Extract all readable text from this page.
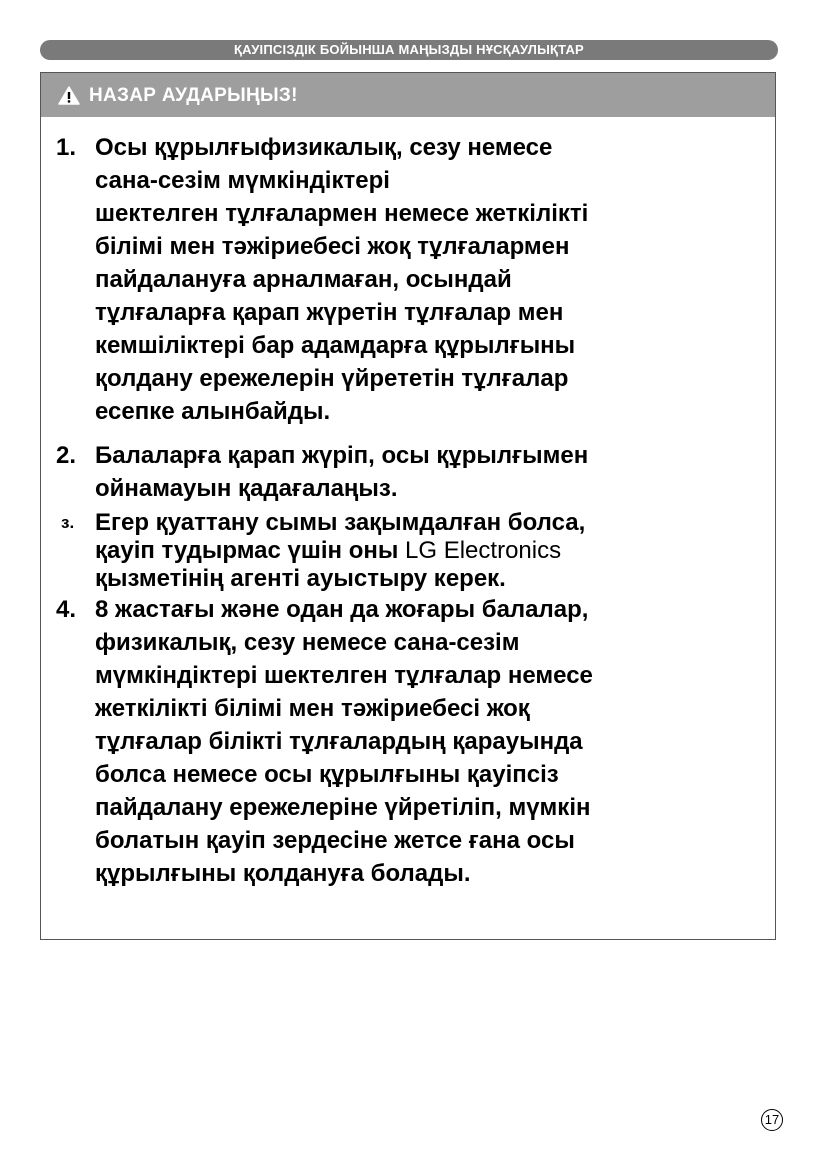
ҚАУІПСІЗДІК БОЙЫНША МАҢЫЗДЫ НҰСҚАУЛЫҚТАР
НАЗАР АУДАРЫҢЫЗ!
1. Осы құрылғыфизикалық, сезу немесе
сана-сезім мүмкіндіктері
шектелген тұлғалармен немесе жеткілікті
білімі мен тәжіриебесі жоқ тұлғалармен
пайдалануға арналмаған, осындай
тұлғаларға қарап жүретін тұлғалар мен
кемшіліктері бар адамдарға құрылғыны
қолдану ережелерін үйрететін тұлғалар
есепке алынбайды.
2. Балаларға қарап жүріп, осы құрылғымен
ойнамауын қадағалаңыз.
з. Егер қуаттану сымы зақымдалған болса,
қауіп тудырмас үшін оны LG Electronics
қызметінің агенті ауыстыру керек.
4. 8 жастағы және одан да жоғары балалар,
физикалық, сезу немесе сана-сезім
мүмкіндіктері шектелген тұлғалар немесе
жеткілікті білімі мен тәжіриебесі жоқ
тұлғалар білікті тұлғалардың қарауында
болса немесе осы құрылғыны қауіпсіз
пайдалану ережелеріне үйретіліп, мүмкін
болатын қауіп зердесіне жетсе ғана осы
құрылғыны қолдануға болады.
17
